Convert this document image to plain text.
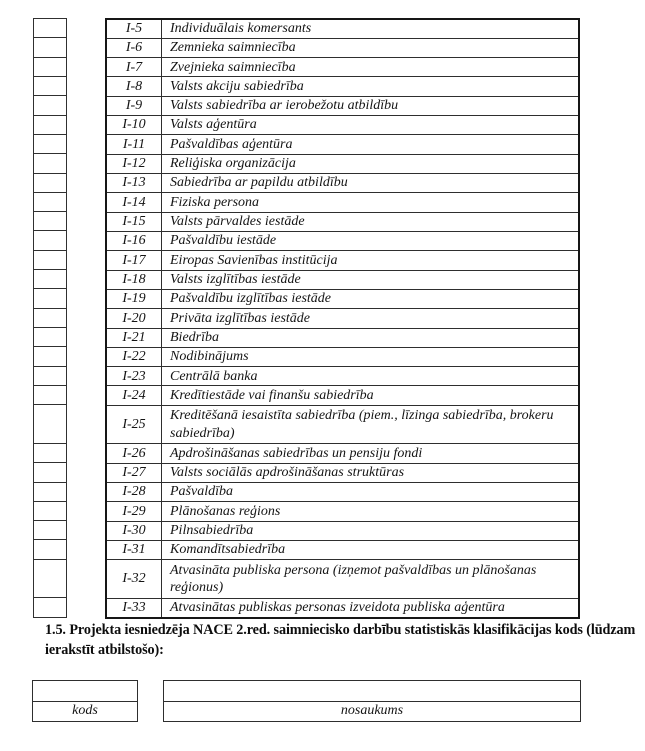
I-5	Individuālais komersants
I-6	Zemnieka saimniecība
I-7	Zvejnieka saimniecība
I-8	Valsts akciju sabiedrība
I-9	Valsts sabiedrība ar ierobežotu atbildību
I-10	Valsts aģentūra
I-11	Pašvaldības aģentūra
I-12	Reliģiska organizācija
I-13	Sabiedrība ar papildu atbildību
I-14	Fiziska persona
I-15	Valsts pārvaldes iestāde
I-16	Pašvaldību iestāde
I-17	Eiropas Savienības institūcija
I-18	Valsts izglītības iestāde
I-19	Pašvaldību izglītības iestāde
I-20	Privāta izglītības iestāde
I-21	Biedrība
I-22	Nodibinājums
I-23	Centrālā banka
I-24	Kredītiestāde vai finanšu sabiedrība
I-25	Kreditēšanā iesaistīta sabiedrība (piem., līzinga sabiedrība, brokeru sabiedrība)
I-26	Apdrošināšanas sabiedrības un pensiju fondi
I-27	Valsts sociālās apdrošināšanas struktūras
I-28	Pašvaldība
I-29	Plānošanas reģions
I-30	Pilnsabiedrība
I-31	Komandītsabiedrība
I-32	Atvasināta publiska persona (izņemot pašvaldības un plānošanas reģionus)
I-33	Atvasinātas publiskas personas izveidota publiska aģentūra
1.5. Projekta iesniedzēja NACE 2.red. saimniecisko darbību statistiskās klasifikācijas kods (lūdzam ierakstīt atbilstošo):

kods	nosaukums
